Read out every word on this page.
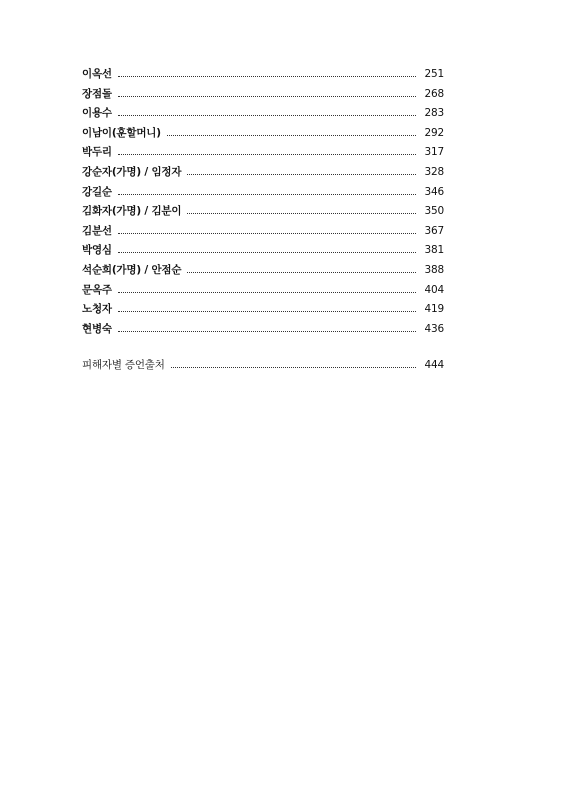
이옥선	251
장점돌	268
이용수	283
이남이(훈할머니)	292
박두리	317
강순자(가명) / 임정자	328
강길순	346
김화자(가명) / 김분이	350
김분선	367
박영심	381
석순희(가명) / 안점순	388
문옥주	404
노청자	419
현병숙	436
피해자별 증언출처	444
